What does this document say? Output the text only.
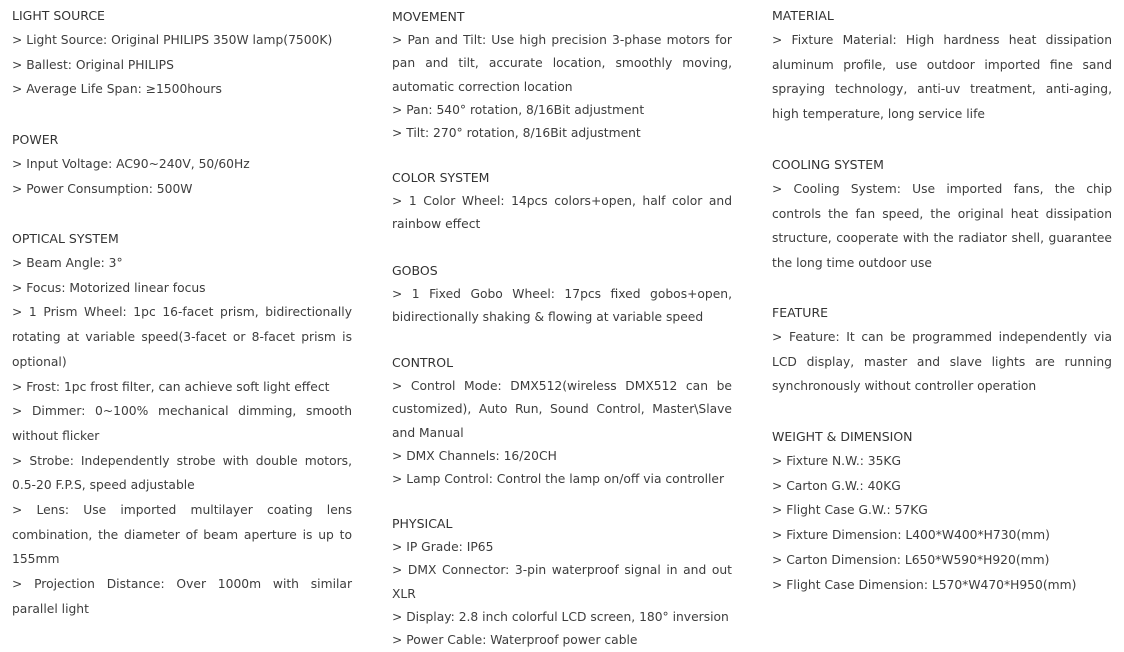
LIGHT SOURCE
> Light Source: Original PHILIPS 350W lamp(7500K)
> Ballest: Original PHILIPS
> Average Life Span: ≥1500hours
POWER
> Input Voltage: AC90~240V, 50/60Hz
> Power Consumption: 500W
OPTICAL SYSTEM
> Beam Angle: 3°
> Focus: Motorized linear focus
> 1 Prism Wheel: 1pc 16-facet prism, bidirectionally rotating at variable speed(3-facet or 8-facet prism is optional)
> Frost: 1pc frost filter, can achieve soft light effect
> Dimmer: 0~100% mechanical dimming, smooth without flicker
> Strobe: Independently strobe with double motors, 0.5-20 F.P.S, speed adjustable
> Lens: Use imported multilayer coating lens combination, the diameter of beam aperture is up to 155mm
> Projection Distance: Over 1000m with similar parallel light
MOVEMENT
> Pan and Tilt: Use high precision 3-phase motors for pan and tilt, accurate location, smoothly moving, automatic correction location
> Pan: 540° rotation, 8/16Bit adjustment
> Tilt: 270° rotation, 8/16Bit adjustment
COLOR SYSTEM
> 1 Color Wheel: 14pcs colors+open, half color and rainbow effect
GOBOS
> 1 Fixed Gobo Wheel: 17pcs fixed gobos+open, bidirectionally shaking & flowing at variable speed
CONTROL
> Control Mode: DMX512(wireless DMX512 can be customized), Auto Run, Sound Control, Master\Slave and Manual
> DMX Channels: 16/20CH
> Lamp Control: Control the lamp on/off via controller
PHYSICAL
> IP Grade: IP65
> DMX Connector: 3-pin waterproof signal in and out XLR
> Display: 2.8 inch colorful LCD screen, 180° inversion
> Power Cable: Waterproof power cable
MATERIAL
> Fixture Material: High hardness heat dissipation aluminum profile, use outdoor imported fine sand spraying technology, anti-uv treatment, anti-aging, high temperature, long service life
COOLING SYSTEM
> Cooling System: Use imported fans, the chip controls the fan speed, the original heat dissipation structure, cooperate with the radiator shell, guarantee the long time outdoor use
FEATURE
> Feature: It can be programmed independently via LCD display, master and slave lights are running synchronously without controller operation
WEIGHT & DIMENSION
> Fixture N.W.: 35KG
> Carton G.W.: 40KG
> Flight Case G.W.: 57KG
> Fixture Dimension: L400*W400*H730(mm)
> Carton Dimension: L650*W590*H920(mm)
> Flight Case Dimension: L570*W470*H950(mm)
